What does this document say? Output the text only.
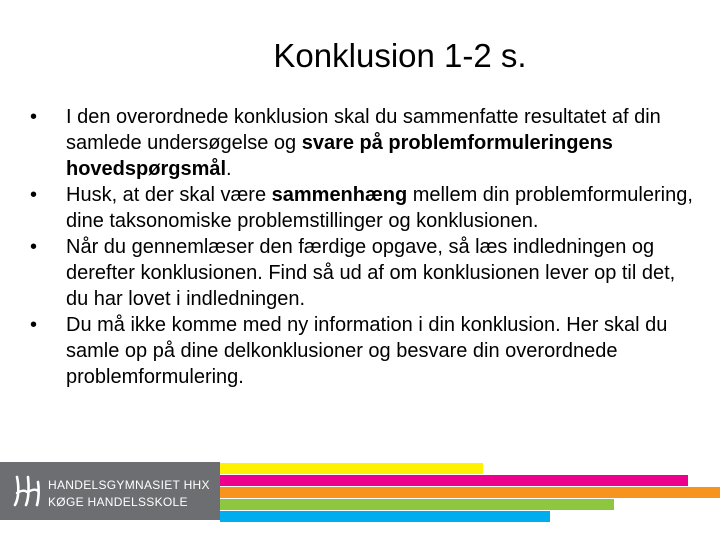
Konklusion 1-2 s.
• I den overordnede konklusion skal du sammenfatte resultatet af din samlede undersøgelse og svare på problemformuleringens hovedspørgsmål.
• Husk, at der skal være sammenhæng mellem din problemformulering, dine taksonomiske problemstillinger og konklusionen.
• Når du gennemlæser den færdige opgave, så læs indledningen og derefter konklusionen. Find så ud af om konklusionen lever op til det, du har lovet i indledningen.
• Du må ikke komme med ny information i din konklusion. Her skal du samle op på dine delkonklusioner og besvare din overordnede problemformulering.
HANDELSGYMNASIET HHX
KØGE HANDELSSKOLE
